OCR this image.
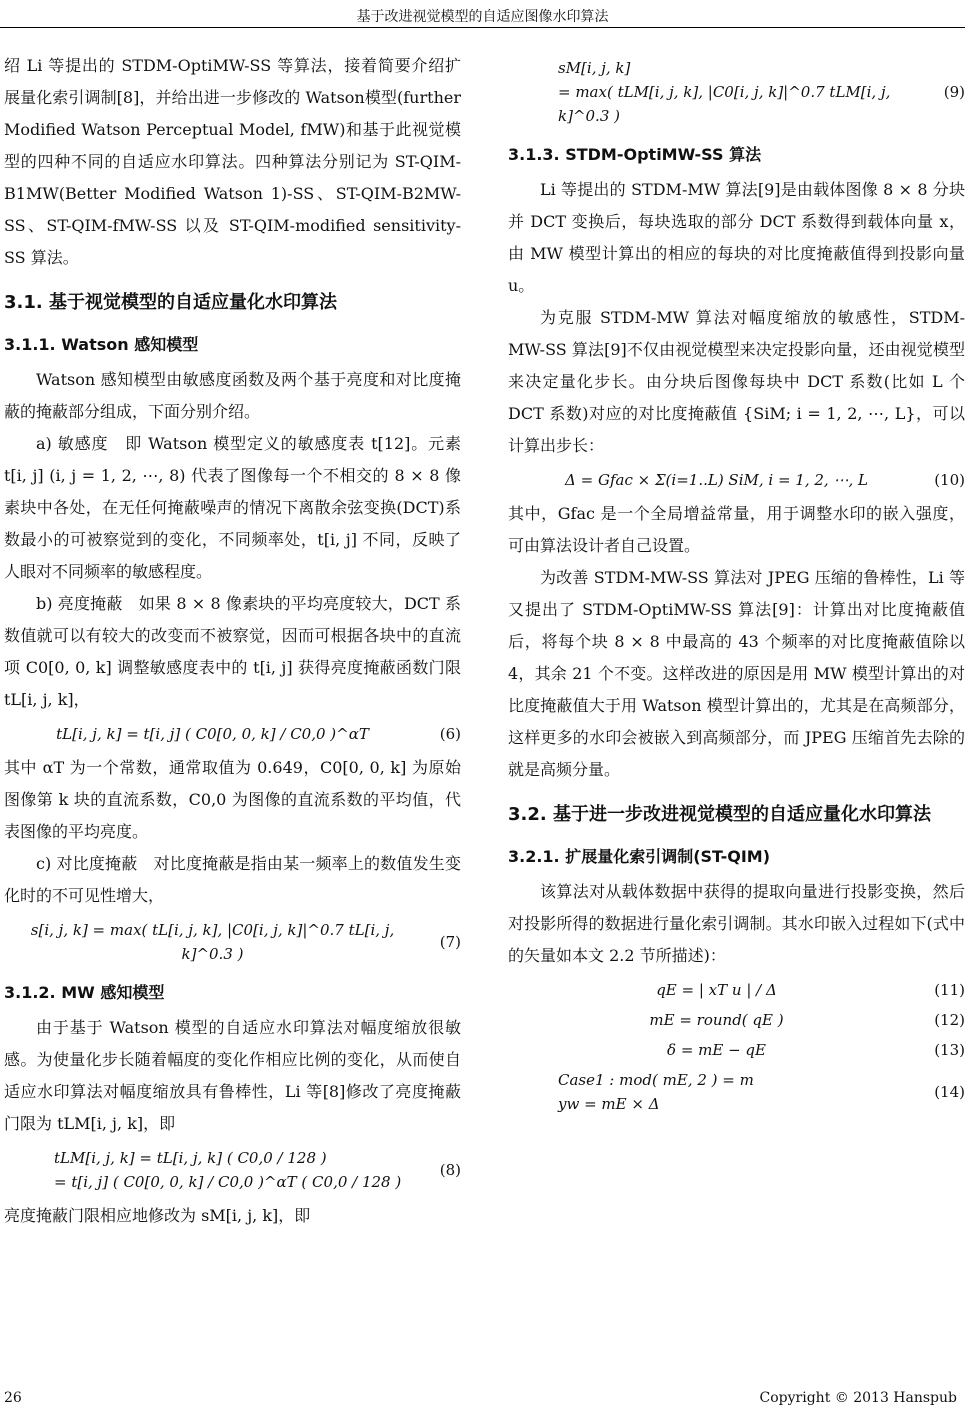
基于改进视觉模型的自适应图像水印算法

绍 Li 等提出的 STDM-OptiMW-SS 等算法，接着简要介绍扩展量化索引调制[8]，并给出进一步修改的 Watson模型(further Modified Watson Perceptual Model, fMW)和基于此视觉模型的四种不同的自适应水印算法。四种算法分别记为 ST-QIM-B1MW(Better Modified Watson 1)-SS、ST-QIM-B2MW-SS、ST-QIM-fMW-SS 以及 ST-QIM-modified sensitivity-SS 算法。

3.1. 基于视觉模型的自适应量化水印算法
3.1.1. Watson 感知模型

Watson 感知模型由敏感度函数及两个基于亮度和对比度掩蔽的掩蔽部分组成，下面分别介绍。

a) 敏感度　即 Watson 模型定义的敏感度表 t[12]。元素 t[i, j] (i, j = 1, 2, ⋯, 8) 代表了图像每一个不相交的 8 × 8 像素块中各处，在无任何掩蔽噪声的情况下离散余弦变换(DCT)系数最小的可被察觉到的变化，不同频率处，t[i, j] 不同，反映了人眼对不同频率的敏感程度。

b) 亮度掩蔽　如果 8 × 8 像素块的平均亮度较大，DCT 系数值就可以有较大的改变而不被察觉，因而可根据各块中的直流项 C0[0, 0, k] 调整敏感度表中的 t[i, j] 获得亮度掩蔽函数门限 tL[i, j, k]，

tL[i, j, k] = t[i, j] ( C0[0, 0, k] / C0,0 )^αT	(6)

其中 αT 为一个常数，通常取值为 0.649，C0[0, 0, k] 为原始图像第 k 块的直流系数，C0,0 为图像的直流系数的平均值，代表图像的平均亮度。

c) 对比度掩蔽　对比度掩蔽是指由某一频率上的数值发生变化时的不可见性增大，

s[i, j, k] = max( tL[i, j, k], |C0[i, j, k]|^0.7 tL[i, j, k]^0.3 )
(7)
3.1.2. MW 感知模型

由于基于 Watson 模型的自适应水印算法对幅度缩放很敏感。为使量化步长随着幅度的变化作相应比例的变化，从而使自适应水印算法对幅度缩放具有鲁棒性，Li 等[8]修改了亮度掩蔽门限为 tLM[i, j, k]，即

tLM[i, j, k] = tL[i, j, k] ( C0,0 / 128 )
= t[i, j] ( C0[0, 0, k] / C0,0 )^αT ( C0,0 / 128 )
(8)

亮度掩蔽门限相应地修改为 sM[i, j, k]，即

sM[i, j, k]
= max( tLM[i, j, k], |C0[i, j, k]|^0.7 tLM[i, j, k]^0.3 )
(9)
3.1.3. STDM-OptiMW-SS 算法

Li 等提出的 STDM-MW 算法[9]是由载体图像 8 × 8 分块并 DCT 变换后，每块选取的部分 DCT 系数得到载体向量 x，由 MW 模型计算出的相应的每块的对比度掩蔽值得到投影向量 u。

为克服 STDM-MW 算法对幅度缩放的敏感性，STDM-MW-SS 算法[9]不仅由视觉模型来决定投影向量，还由视觉模型来决定量化步长。由分块后图像每块中 DCT 系数(比如 L 个 DCT 系数)对应的对比度掩蔽值 {SiM; i = 1, 2, ⋯, L}，可以计算出步长：

Δ = Gfac × Σ(i=1..L) SiM, i = 1, 2, ⋯, L	(10)

其中，Gfac 是一个全局增益常量，用于调整水印的嵌入强度，可由算法设计者自己设置。

为改善 STDM-MW-SS 算法对 JPEG 压缩的鲁棒性，Li 等又提出了 STDM-OptiMW-SS 算法[9]：计算出对比度掩蔽值后，将每个块 8 × 8 中最高的 43 个频率的对比度掩蔽值除以 4，其余 21 个不变。这样改进的原因是用 MW 模型计算出的对比度掩蔽值大于用 Watson 模型计算出的，尤其是在高频部分，这样更多的水印会被嵌入到高频部分，而 JPEG 压缩首先去除的就是高频分量。

3.2. 基于进一步改进视觉模型的自适应量化水印算法
3.2.1. 扩展量化索引调制(ST-QIM)

该算法对从载体数据中获得的提取向量进行投影变换，然后对投影所得的数据进行量化索引调制。其水印嵌入过程如下(式中的矢量如本文 2.2 节所描述)：

qE = | xT u | / Δ	(11)
mE = round( qE )	(12)
δ = mE − qE	(13)
Case1 : mod( mE, 2 ) = m
yw = mE × Δ
(14)
26	Copyright © 2013 Hanspub
